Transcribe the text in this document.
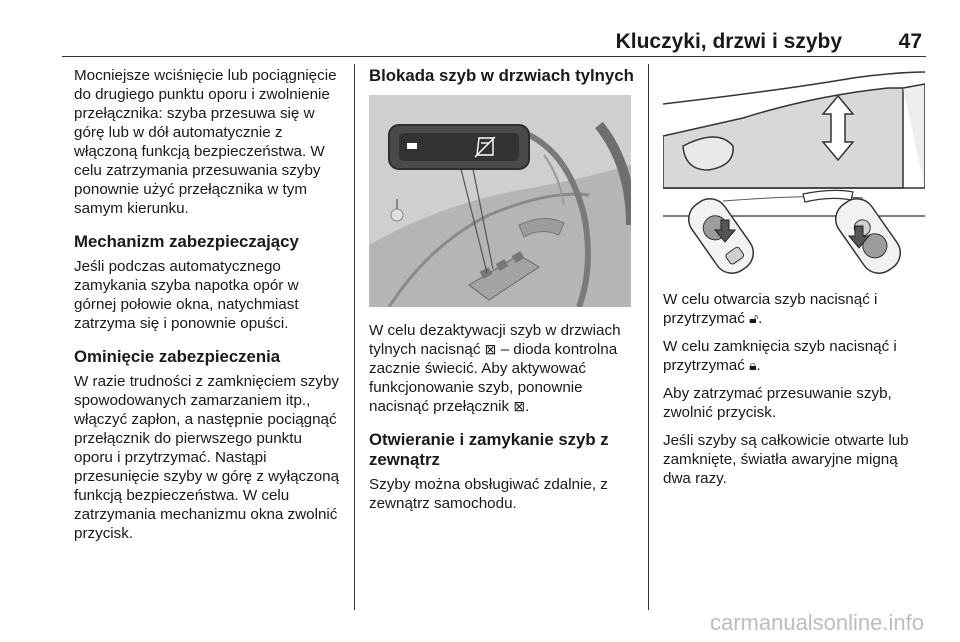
Kluczyki, drzwi i szyby	47

Mocniejsze wciśnięcie lub pociągnięcie do drugiego punktu oporu i zwolnienie przełącznika: szyba przesuwa się w górę lub w dół automatycznie z włączoną funkcją bezpieczeństwa. W celu zatrzymania przesuwania szyby ponownie użyć przełącznika w tym samym kierunku.

Mechanizm zabezpieczający

Jeśli podczas automatycznego zamykania szyba napotka opór w górnej połowie okna, natychmiast zatrzyma się i ponownie opuści.

Ominięcie zabezpieczenia

W razie trudności z zamknięciem szyby spowodowanych zamarzaniem itp., włączyć zapłon, a następnie pociągnąć przełącznik do pierwszego punktu oporu i przytrzymać. Nastąpi przesunięcie szyby w górę z wyłączoną funkcją bezpieczeństwa. W celu zatrzymania mechanizmu okna zwolnić przycisk.

Blokada szyb w drzwiach tylnych

W celu dezaktywacji szyb w drzwiach tylnych nacisnąć ⊠ – dioda kontrolna zacznie świecić. Aby aktywować funkcjonowanie szyb, ponownie nacisnąć przełącznik ⊠.

Otwieranie i zamykanie szyb z zewnątrz

Szyby można obsługiwać zdalnie, z zewnątrz samochodu.

W celu otwarcia szyb nacisnąć i przytrzymać 🔓︎.

W celu zamknięcia szyb nacisnąć i przytrzymać 🔒︎.

Aby zatrzymać przesuwanie szyb, zwolnić przycisk.

Jeśli szyby są całkowicie otwarte lub zamknięte, światła awaryjne migną dwa razy.

carmanualsonline.info
